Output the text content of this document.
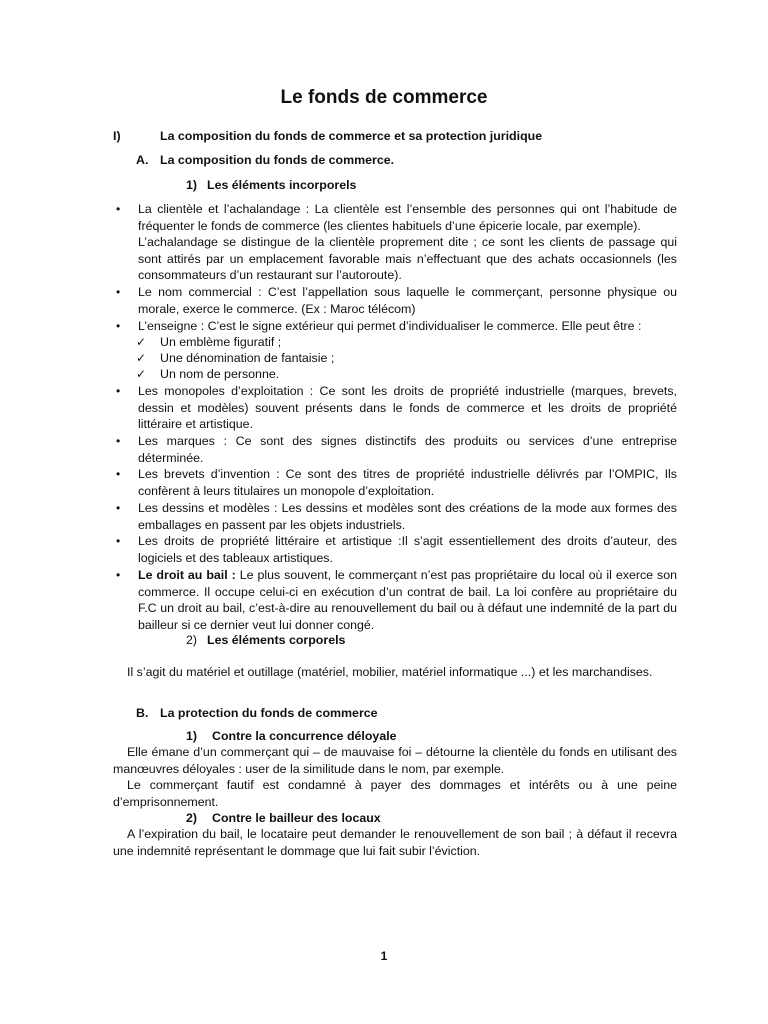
Le fonds de commerce
I)	La composition du fonds de commerce et sa protection juridique
A. La composition du fonds de commerce.
1) Les éléments incorporels
• La clientèle et l’achalandage : La clientèle est l’ensemble des personnes qui ont l’habitude de fréquenter le fonds de commerce (les clientes habituels d’une épicerie locale, par exemple).
L’achalandage se distingue de la clientèle proprement dite ; ce sont les clients de passage qui sont attirés par un emplacement favorable mais n’effectuant que des achats occasionnels (les consommateurs d’un restaurant sur l’autoroute).
• Le nom commercial : C’est l’appellation sous laquelle le commerçant, personne physique ou morale, exerce le commerce. (Ex : Maroc télécom)
• L’enseigne : C’est le signe extérieur qui permet d’individualiser le commerce. Elle peut être :
✓ Un emblème figuratif ;
✓ Une dénomination de fantaisie ;
✓ Un nom de personne.
• Les monopoles d’exploitation : Ce sont les droits de propriété industrielle (marques, brevets, dessin et modèles) souvent présents dans le fonds de commerce et les droits de propriété littéraire et artistique.
• Les marques : Ce sont des signes distinctifs des produits ou services d’une entreprise déterminée.
• Les brevets d’invention : Ce sont des titres de propriété industrielle délivrés par l’OMPIC, Ils confèrent à leurs titulaires un monopole d’exploitation.
• Les dessins et modèles : Les dessins et modèles sont des créations de la mode aux formes des emballages en passent par les objets industriels.
• Les droits de propriété littéraire et artistique :Il s’agit essentiellement des droits d’auteur, des logiciels et des tableaux artistiques.
• Le droit au bail : Le plus souvent, le commerçant n’est pas propriétaire du local où il exerce son commerce. Il occupe celui-ci en exécution d’un contrat de bail. La loi confère au propriétaire du F.C un droit au bail, c’est-à-dire au renouvellement du bail ou à défaut une indemnité de la part du bailleur si ce dernier veut lui donner congé.
2) Les éléments corporels
Il s’agit du matériel et outillage (matériel, mobilier, matériel informatique ...) et les marchandises.
B. La protection du fonds de commerce
1) Contre la concurrence déloyale
Elle émane d’un commerçant qui – de mauvaise foi – détourne la clientèle du fonds en utilisant des manœuvres déloyales : user de la similitude dans le nom, par exemple.
Le commerçant fautif est condamné à payer des dommages et intérêts ou à une peine d’emprisonnement.
2) Contre le bailleur des locaux
A l’expiration du bail, le locataire peut demander le renouvellement de son bail ; à défaut il recevra une indemnité représentant le dommage que lui fait subir l’éviction.
1
